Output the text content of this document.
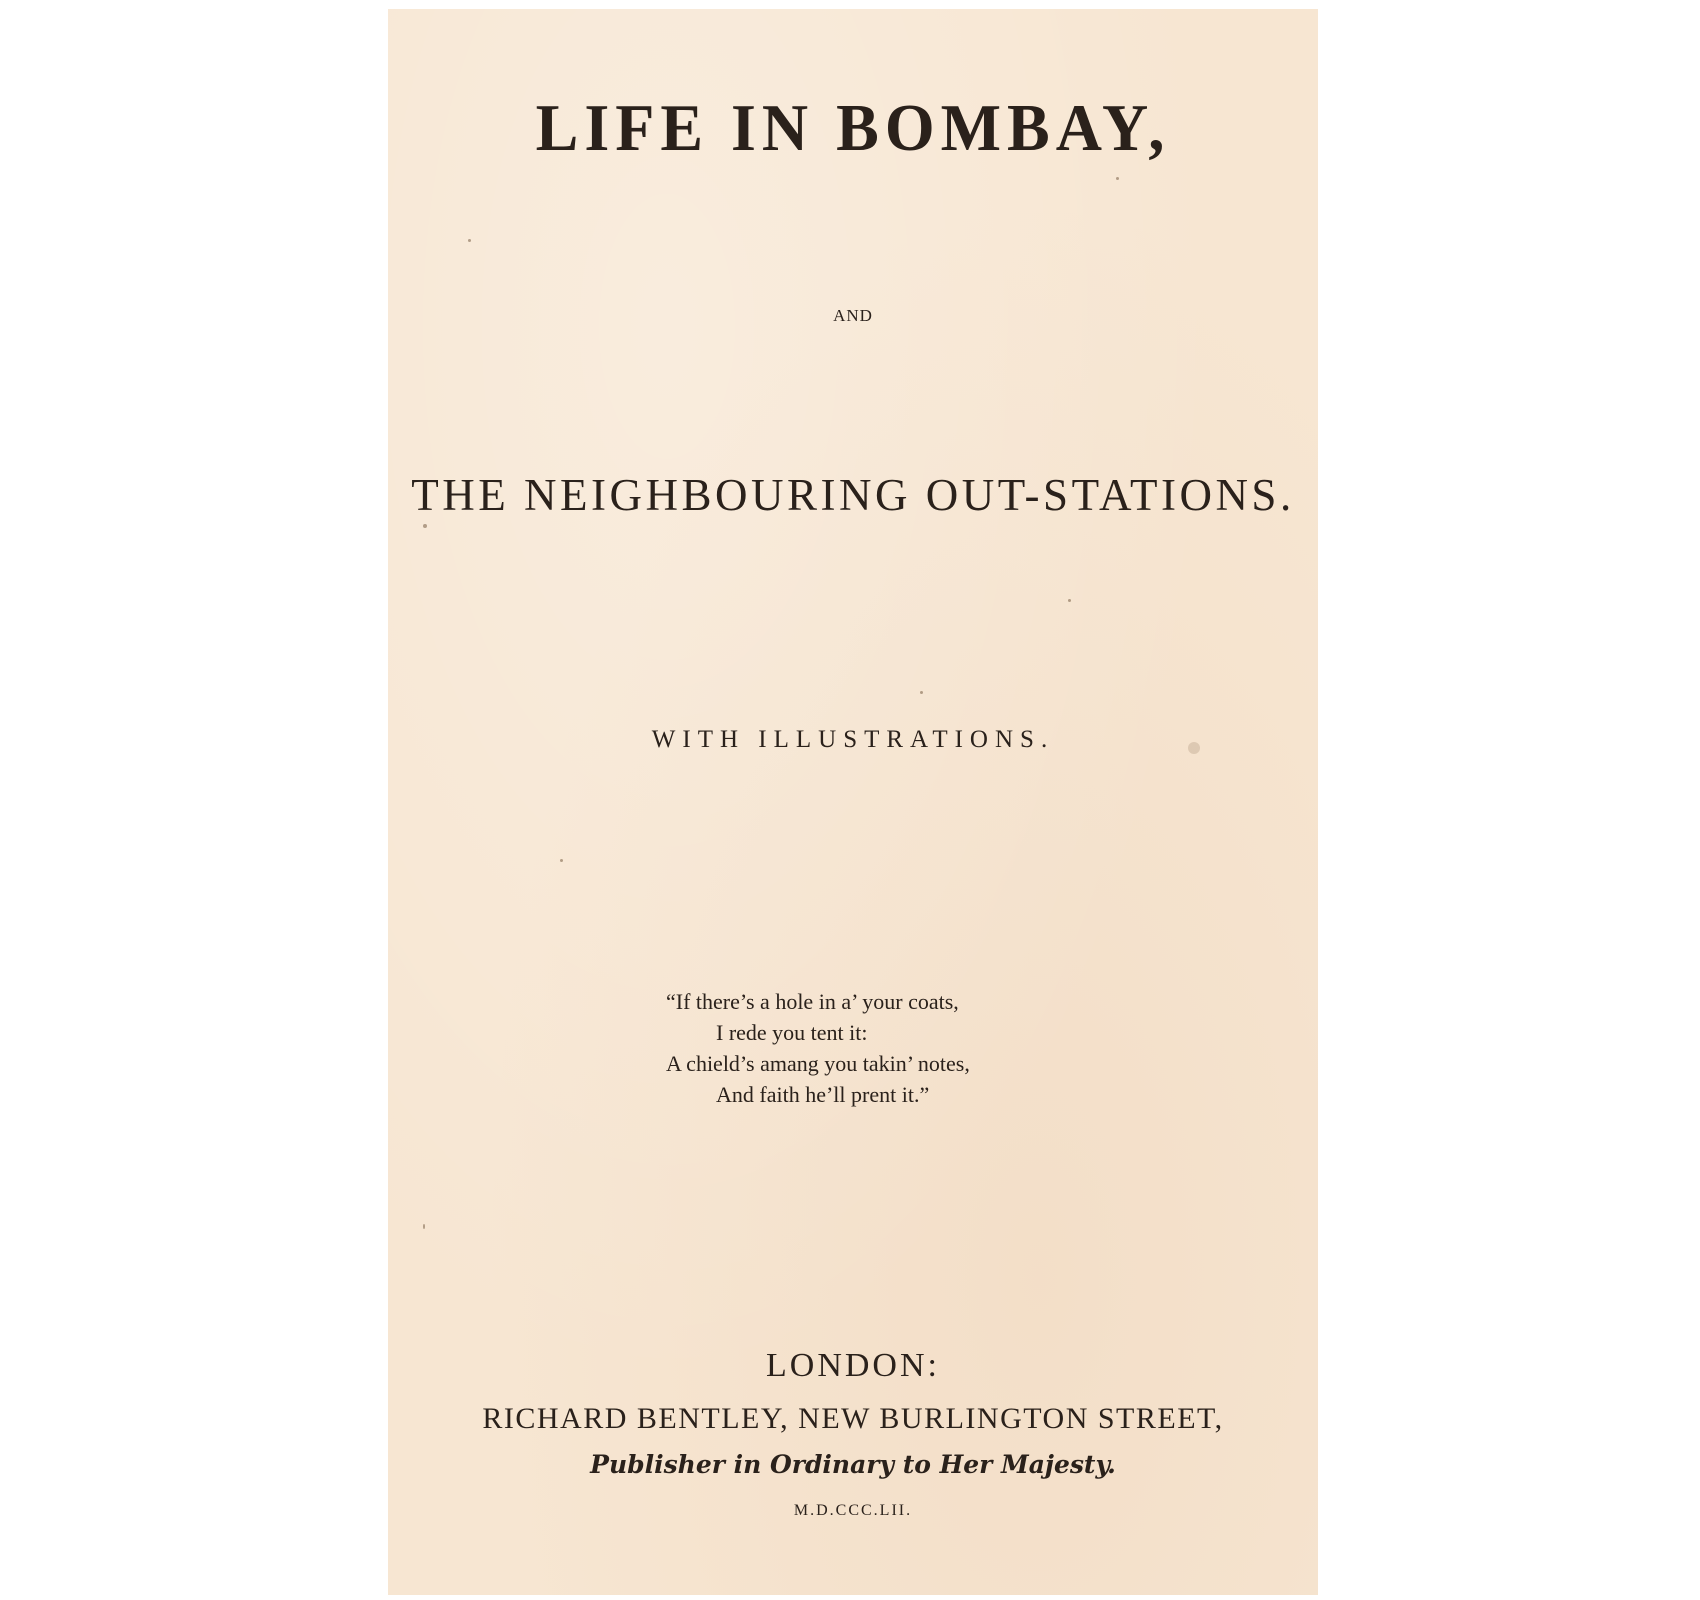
LIFE IN BOMBAY,
AND
THE NEIGHBOURING OUT-STATIONS.
WITH ILLUSTRATIONS.
“If there’s a hole in a’ your coats,
I rede you tent it:
A chield’s amang you takin’ notes,
And faith he’ll prent it.”
LONDON:
RICHARD BENTLEY, NEW BURLINGTON STREET,
Publisher in Ordinary to Her Majesty.
M.D.CCC.LII.
